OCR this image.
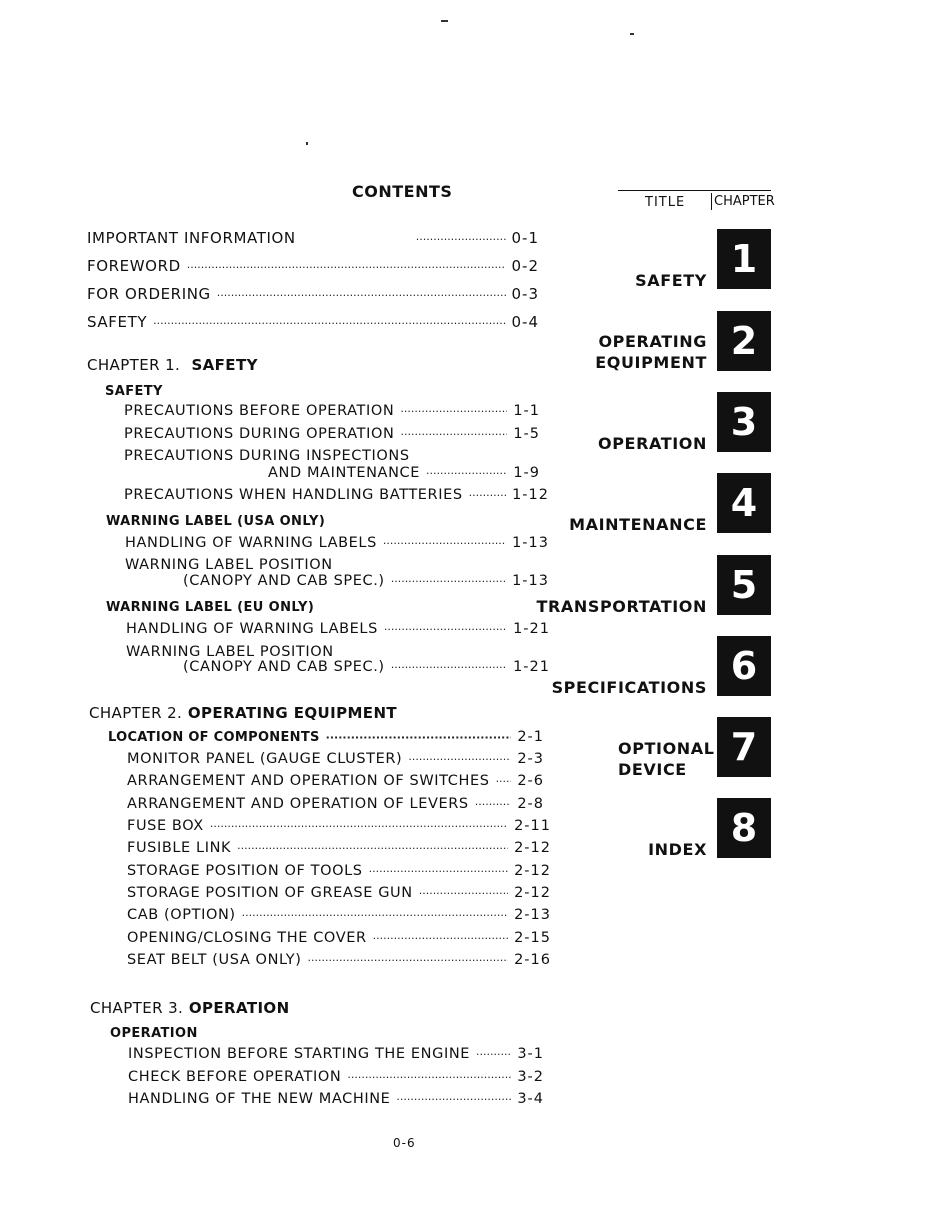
CONTENTS
IMPORTANT INFORMATION ·····	0-1
FOREWORD ·····	0-2
FOR ORDERING ·····	0-3
SAFETY ·····	0-4
CHAPTER 1. SAFETY
SAFETY
PRECAUTIONS BEFORE OPERATION ·····	1-1
PRECAUTIONS DURING OPERATION ·····	1-5
PRECAUTIONS DURING INSPECTIONS
AND MAINTENANCE ·····	1-9
PRECAUTIONS WHEN HANDLING BATTERIES ·····	1-12
WARNING LABEL (USA ONLY)
HANDLING OF WARNING LABELS ·····	1-13
WARNING LABEL POSITION
(CANOPY AND CAB SPEC.) ·····	1-13
WARNING LABEL (EU ONLY)
HANDLING OF WARNING LABELS ·····	1-21
WARNING LABEL POSITION
(CANOPY AND CAB SPEC.) ·····	1-21
CHAPTER 2. OPERATING EQUIPMENT
LOCATION OF COMPONENTS ·····	2-1
MONITOR PANEL (GAUGE CLUSTER) ·····	2-3
ARRANGEMENT AND OPERATION OF SWITCHES ····· 2-6
ARRANGEMENT AND OPERATION OF LEVERS ·····	2-8
FUSE BOX ·····	2-11
FUSIBLE LINK ·····	2-12
STORAGE POSITION OF TOOLS ·····	2-12
STORAGE POSITION OF GREASE GUN ·····	2-12
CAB (OPTION) ·····	2-13
OPENING/CLOSING THE COVER ·····	2-15
SEAT BELT (USA ONLY) ·····	2-16
CHAPTER 3. OPERATION
OPERATION
INSPECTION BEFORE STARTING THE ENGINE ·····	3-1
CHECK BEFORE OPERATION ·····	3-2
HANDLING OF THE NEW MACHINE ·····	3-4
TITLE CHAPTER
SAFETY 1
OPERATING
EQUIPMENT 2
OPERATION 3
MAINTENANCE 4
TRANSPORTATION 5
SPECIFICATIONS 6
OPTIONAL
DEVICE
7
INDEX 8
0-6
